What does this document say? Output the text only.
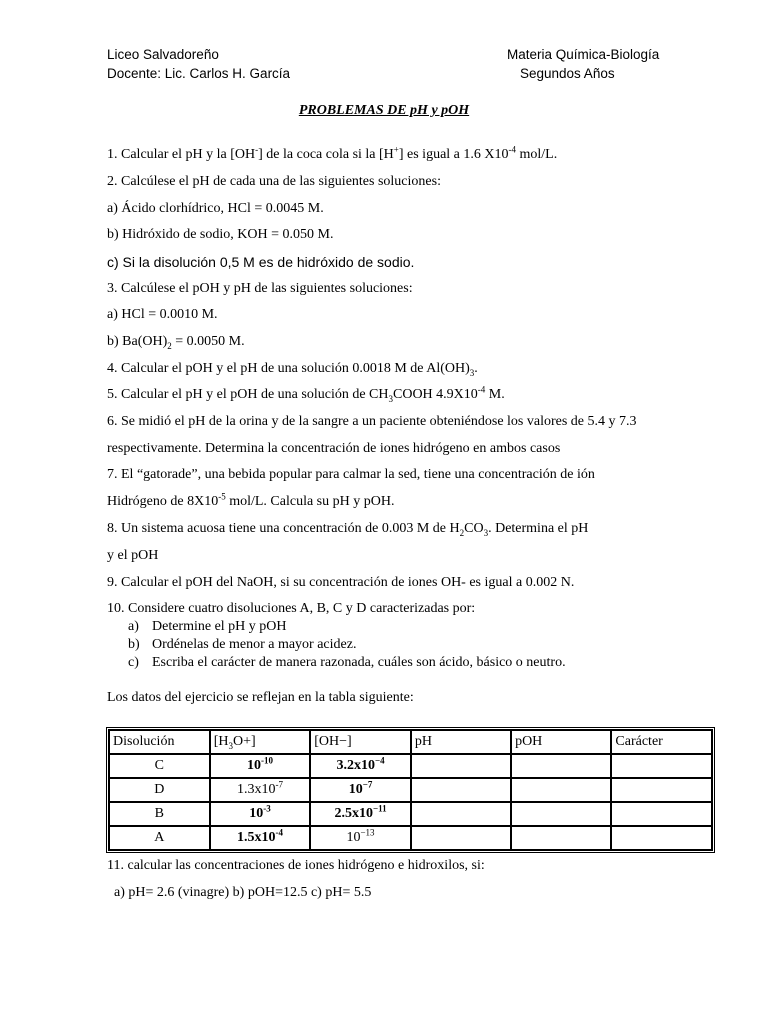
Liceo Salvadoreño
Docente: Lic. Carlos H. García
Materia Química-Biología
Segundos Años
PROBLEMAS DE pH y pOH
1. Calcular el pH y la [OH-] de la coca cola si la [H+] es igual a 1.6 $X10^{-4}$ mol/L.
2. Calcúlese el pH de cada una de las siguientes soluciones:
a) Ácido clorhídrico, HCl = 0.0045 M.
b) Hidróxido de sodio, KOH = 0.050 M.
c) Si la disolución 0,5 M es de hidróxido de sodio.
3. Calcúlese el pOH y pH de las siguientes soluciones:
a) HCl = 0.0010 M.
b) $Ba(OH)_2 = 0.0050$ M.
4. Calcular el pOH y el pH de una solución 0.0018 M de $Al(OH)_3$.
5. Calcular el pH y el pOH de una solución de $CH_3COOH$ $4.9X10^{-4}$ M.
6. Se midió el pH de la orina y de la sangre a un paciente obteniéndose los valores de 5.4 y 7.3
respectivamente. Determina la concentración de iones hidrógeno en ambos casos
7. El “gatorade”, una bebida popular para calmar la sed, tiene una concentración de ión
Hidrógeno de $8X10^{-5}$ mol/L. Calcula su pH y pOH.
8. Un sistema acuosa tiene una concentración de 0.003 M de $H_2CO_3$. Determina el pH
y el pOH
9. Calcular el pOH del NaOH, si su concentración de iones OH- es igual a 0.002 N.
10. Considere cuatro disoluciones A, B, C y D caracterizadas por:
a) Determine el pH y pOH
b) Ordénelas de menor a mayor acidez.
c) Escriba el carácter de manera razonada, cuáles son ácido, básico o neutro.
Los datos del ejercicio se reflejan en la tabla siguiente:
Disolución	$[H_3O+]$	[OH−]	pH	pOH	Carácter
C	$10^{-10}$	$3.2x10^{-4}$			
D	$1.3x10^{-7}$	$10^{-7}$			
B	$10^{-3}$	$2.5x10^{-11}$			
A	$1.5x10^{-4}$	$10^{-13}$			
11. calcular las concentraciones de iones hidrógeno e hidroxilos, si:
a) pH= 2.6 (vinagre) b) pOH=12.5 c) pH= 5.5
